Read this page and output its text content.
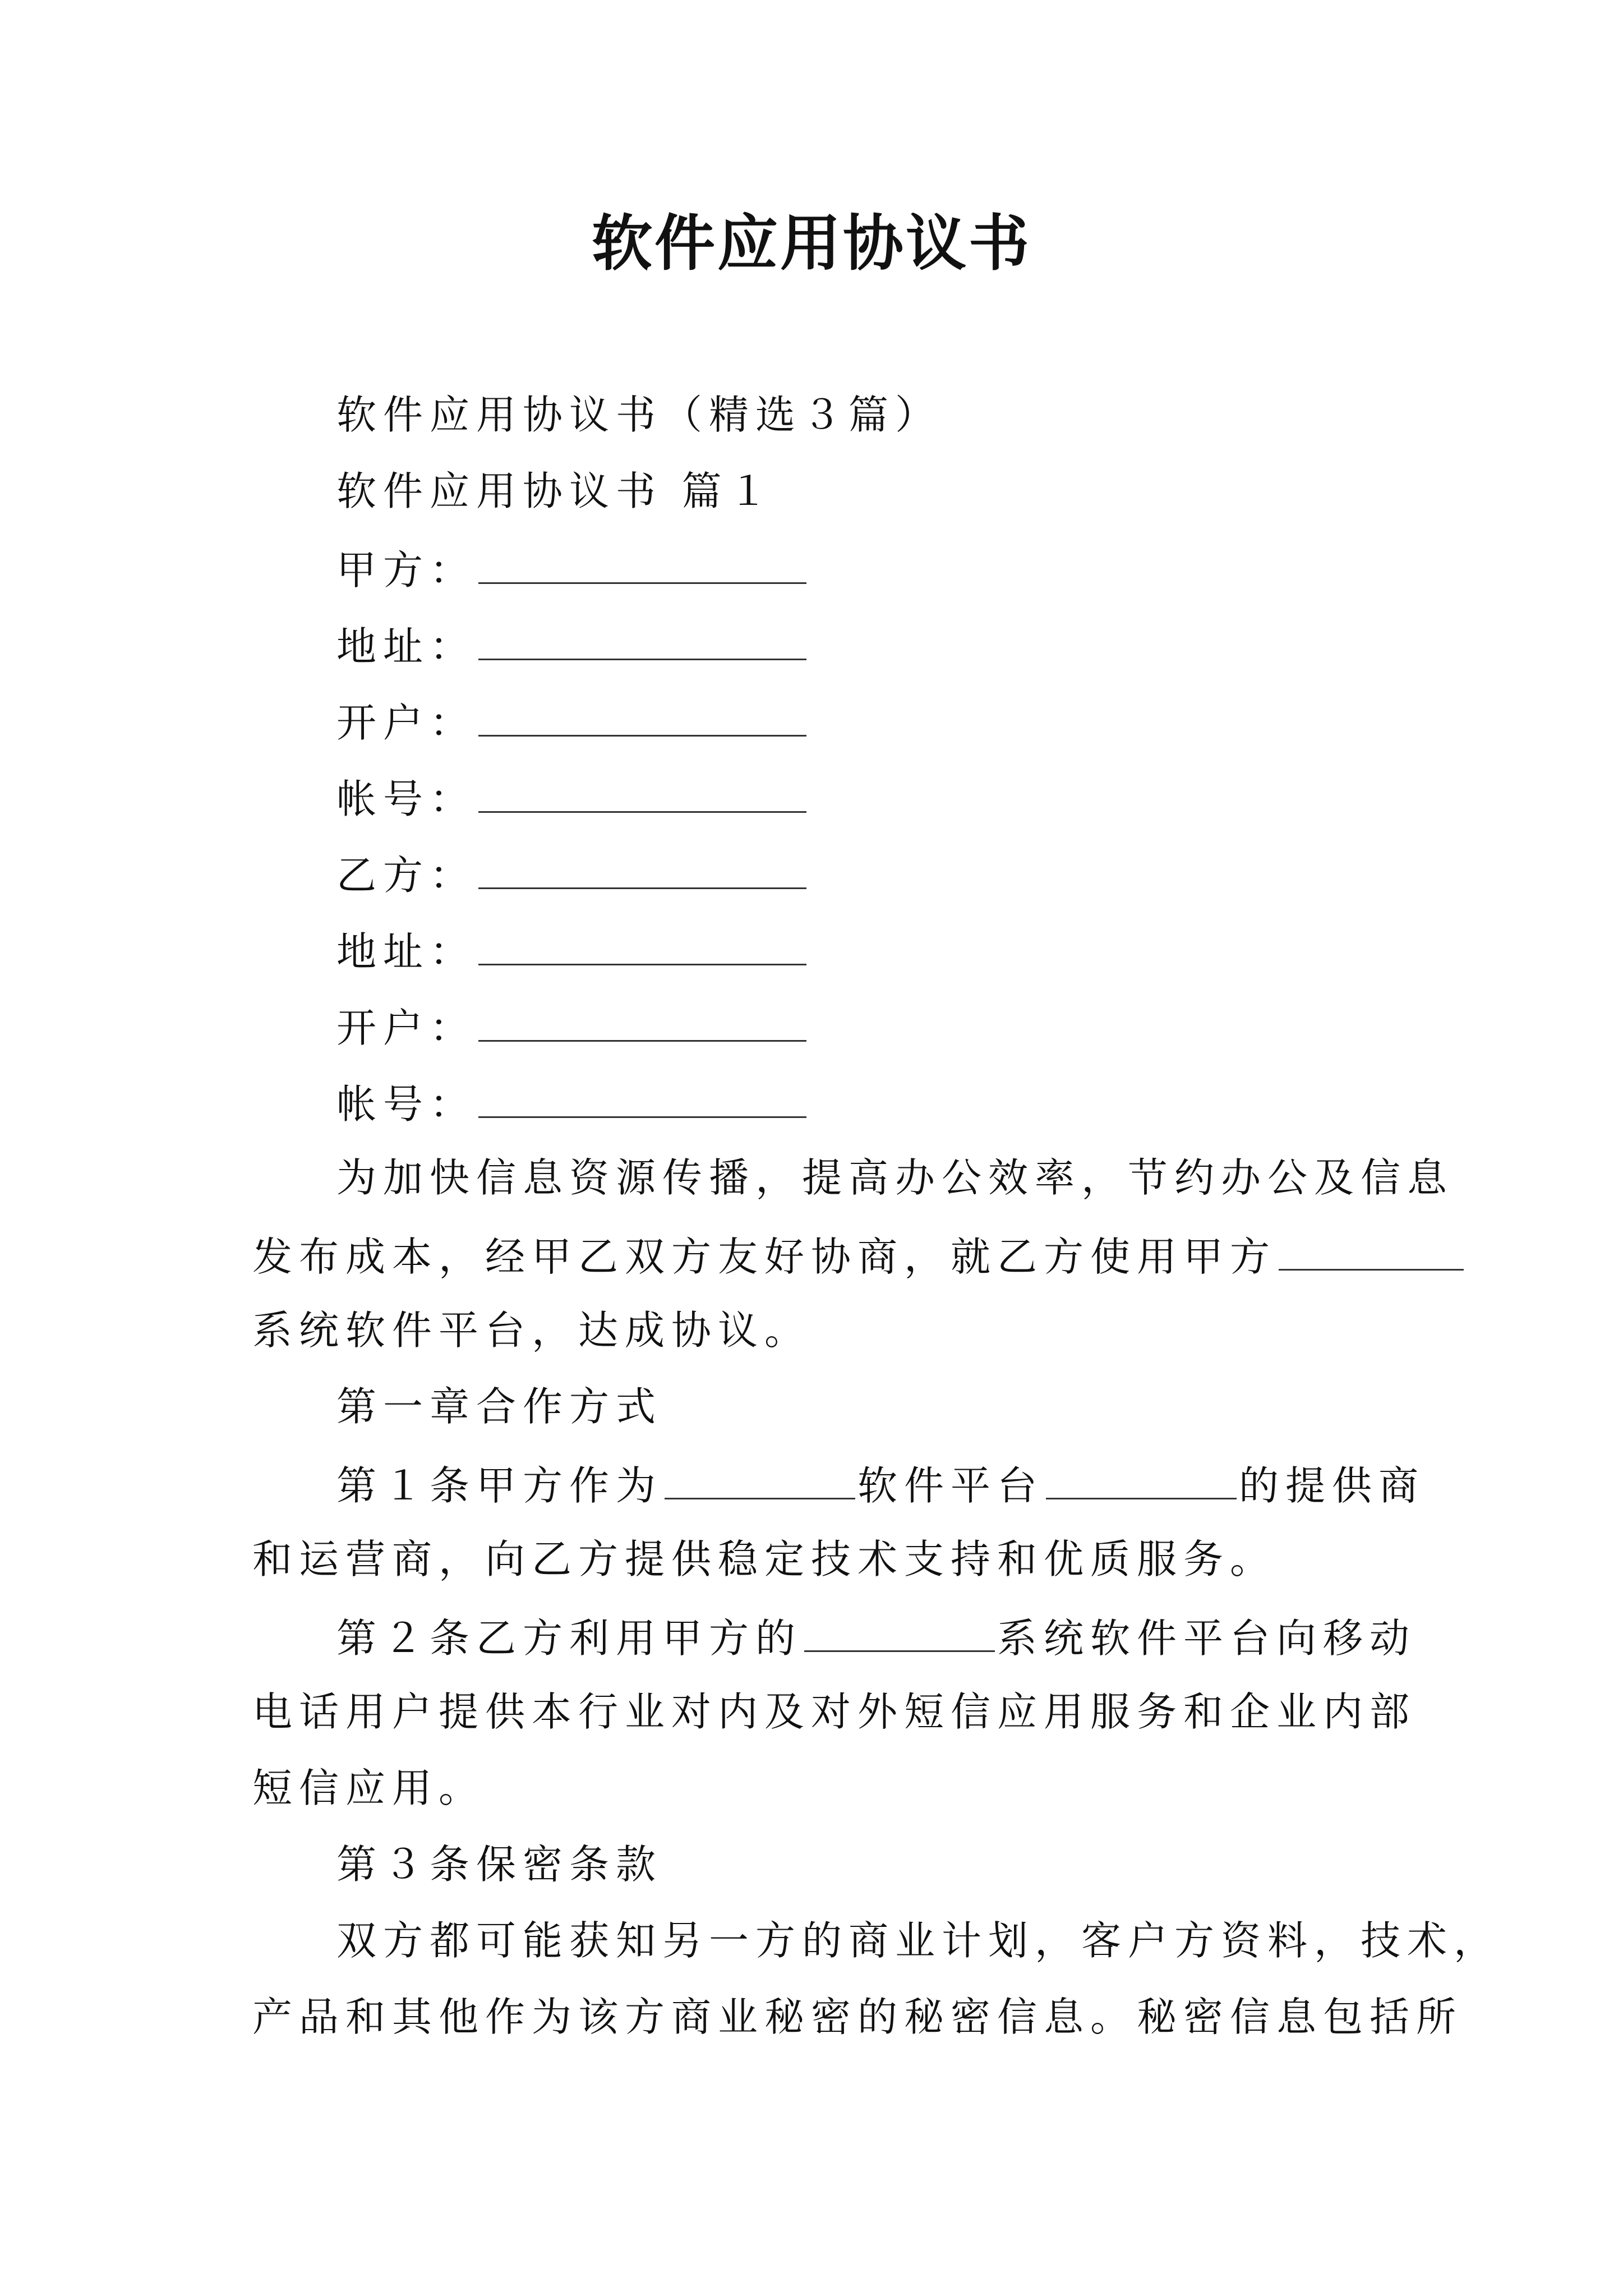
软件应用协议书
软件应用协议书（精选３篇）
软件应用协议书 篇１
甲方：
地址：
开户：
帐号：
乙方：
地址：
开户：
帐号：
为加快信息资源传播，提高办公效率，节约办公及信息
发布成本，经甲乙双方友好协商，就乙方使用甲方
系统软件平台，达成协议。
第一章合作方式
第１条甲方作为	软件平台	的提供商
和运营商，向乙方提供稳定技术支持和优质服务。
第２条乙方利用甲方的	系统软件平台向移动
电话用户提供本行业对内及对外短信应用服务和企业内部
短信应用。
第３条保密条款
双方都可能获知另一方的商业计划，客户方资料，技术，
产品和其他作为该方商业秘密的秘密信息。秘密信息包括所
